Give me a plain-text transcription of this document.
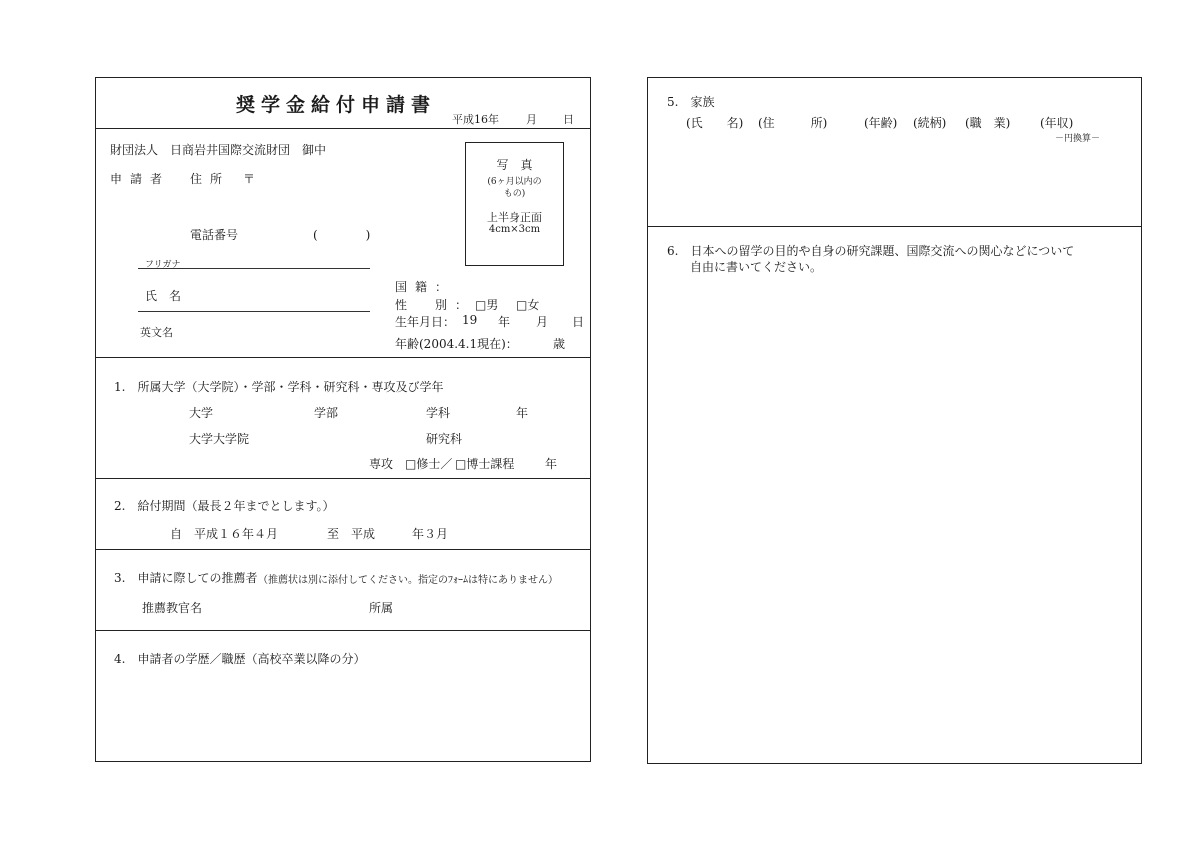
奨学金給付申請書
平成16年 月 日
財団法人　日商岩井国際交流財団　御中
申請者 住所 〒
電話番号	(　　　　)
フリガナ
氏　名
英文名
写　真
(6ヶ月以内の
もの)
上半身正面
4cm×3cm
国籍：
性　別： □男 □女
生年月日： 19 年 月 日
年齢(2004.4.1現在)：	歳
1.　所属大学（大学院）・学部・学科・研究科・専攻及び学年
大学	学部	学科	年
大学大学院	研究科
専攻 □修士／ □博士課程	年
2.　給付期間（最長２年までとします。）
自 平成１６年４月	至 平成	年３月
3.　申請に際しての推薦者 （推薦状は別に添付してください。指定のﾌｫｰﾑは特にありません）
推薦教官名	所属
4.　申請者の学歴／職歴（高校卒業以降の分）
5.　家族
(氏　　名) (住　　　所)	(年齢) (続柄) (職　業) (年収)
－円換算－
6.　日本への留学の目的や自身の研究課題、国際交流への関心などについて
自由に書いてください。
